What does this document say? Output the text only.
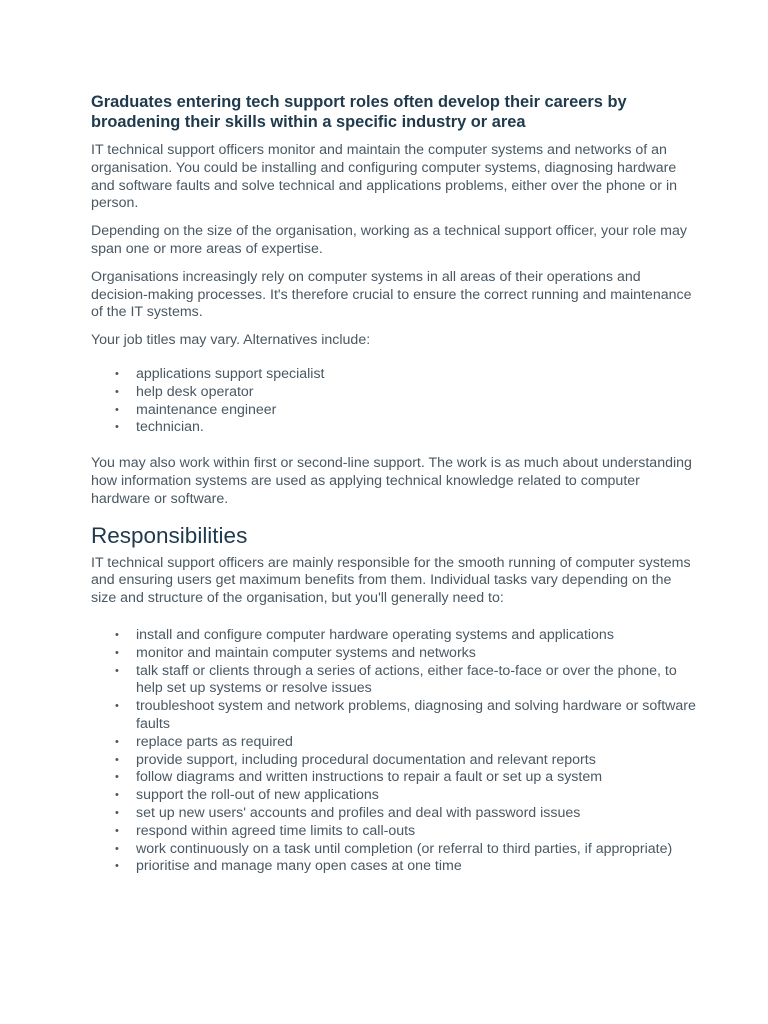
Graduates entering tech support roles often develop their careers by broadening their skills within a specific industry or area

IT technical support officers monitor and maintain the computer systems and networks of an organisation. You could be installing and configuring computer systems, diagnosing hardware and software faults and solve technical and applications problems, either over the phone or in person.

Depending on the size of the organisation, working as a technical support officer, your role may span one or more areas of expertise.

Organisations increasingly rely on computer systems in all areas of their operations and decision-making processes. It's therefore crucial to ensure the correct running and maintenance of the IT systems.

Your job titles may vary. Alternatives include:

• applications support specialist
• help desk operator
• maintenance engineer
• technician.

You may also work within first or second-line support. The work is as much about understanding how information systems are used as applying technical knowledge related to computer hardware or software.

Responsibilities

IT technical support officers are mainly responsible for the smooth running of computer systems and ensuring users get maximum benefits from them. Individual tasks vary depending on the size and structure of the organisation, but you'll generally need to:

• install and configure computer hardware operating systems and applications
• monitor and maintain computer systems and networks
• talk staff or clients through a series of actions, either face-to-face or over the phone, to help set up systems or resolve issues
• troubleshoot system and network problems, diagnosing and solving hardware or software faults
• replace parts as required
• provide support, including procedural documentation and relevant reports
• follow diagrams and written instructions to repair a fault or set up a system
• support the roll-out of new applications
• set up new users' accounts and profiles and deal with password issues
• respond within agreed time limits to call-outs
• work continuously on a task until completion (or referral to third parties, if appropriate)
• prioritise and manage many open cases at one time
